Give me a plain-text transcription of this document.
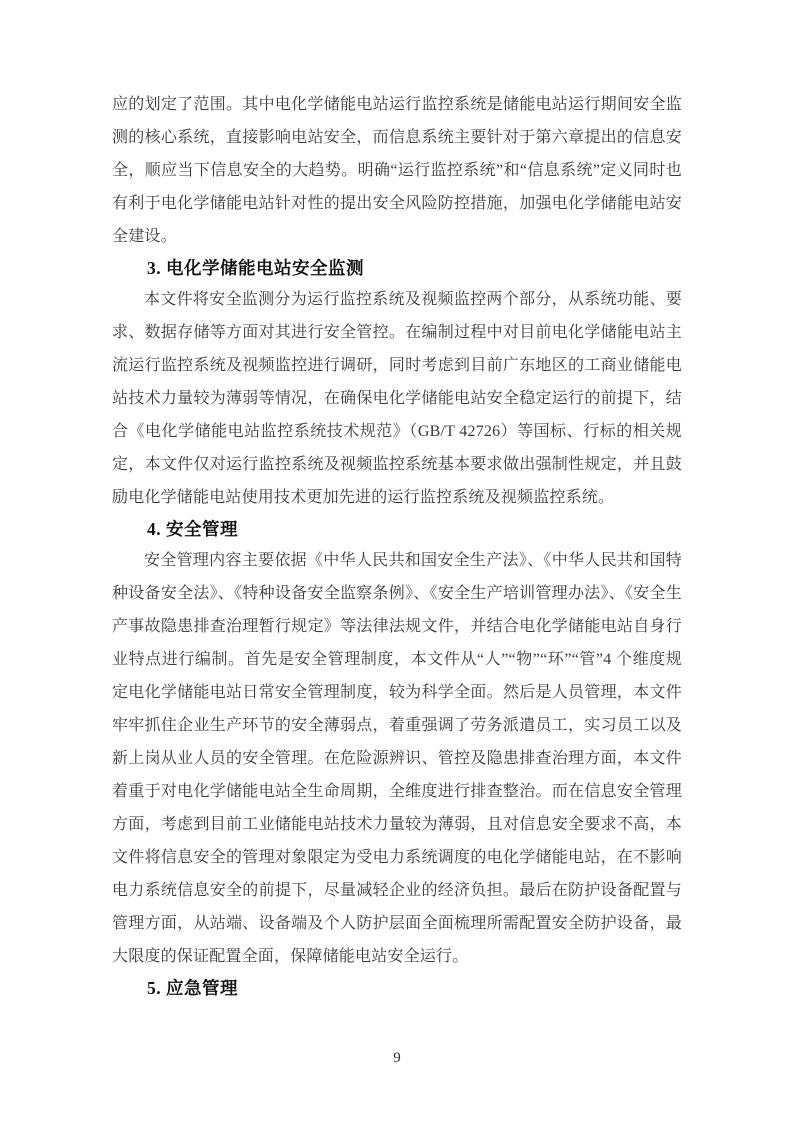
应的划定了范围。其中电化学储能电站运行监控系统是储能电站运行期间安全监测的核心系统，直接影响电站安全，而信息系统主要针对于第六章提出的信息安全，顺应当下信息安全的大趋势。明确“运行监控系统”和“信息系统”定义同时也有利于电化学储能电站针对性的提出安全风险防控措施，加强电化学储能电站安全建设。

3. 电化学储能电站安全监测

本文件将安全监测分为运行监控系统及视频监控两个部分，从系统功能、要求、数据存储等方面对其进行安全管控。在编制过程中对目前电化学储能电站主流运行监控系统及视频监控进行调研，同时考虑到目前广东地区的工商业储能电站技术力量较为薄弱等情况，在确保电化学储能电站安全稳定运行的前提下，结合《电化学储能电站监控系统技术规范》（GB/T 42726）等国标、行标的相关规定，本文件仅对运行监控系统及视频监控系统基本要求做出强制性规定，并且鼓励电化学储能电站使用技术更加先进的运行监控系统及视频监控系统。

4. 安全管理

安全管理内容主要依据《中华人民共和国安全生产法》、《中华人民共和国特种设备安全法》、《特种设备安全监察条例》、《安全生产培训管理办法》、《安全生产事故隐患排查治理暂行规定》等法律法规文件，并结合电化学储能电站自身行业特点进行编制。首先是安全管理制度，本文件从“人”“物”“环”“管”4 个维度规定电化学储能电站日常安全管理制度，较为科学全面。然后是人员管理，本文件牢牢抓住企业生产环节的安全薄弱点，着重强调了劳务派遣员工，实习员工以及新上岗从业人员的安全管理。在危险源辨识、管控及隐患排查治理方面，本文件着重于对电化学储能电站全生命周期，全维度进行排查整治。而在信息安全管理方面，考虑到目前工业储能电站技术力量较为薄弱，且对信息安全要求不高，本文件将信息安全的管理对象限定为受电力系统调度的电化学储能电站，在不影响电力系统信息安全的前提下，尽量减轻企业的经济负担。最后在防护设备配置与管理方面，从站端、设备端及个人防护层面全面梳理所需配置安全防护设备，最大限度的保证配置全面，保障储能电站安全运行。

5. 应急管理
9
